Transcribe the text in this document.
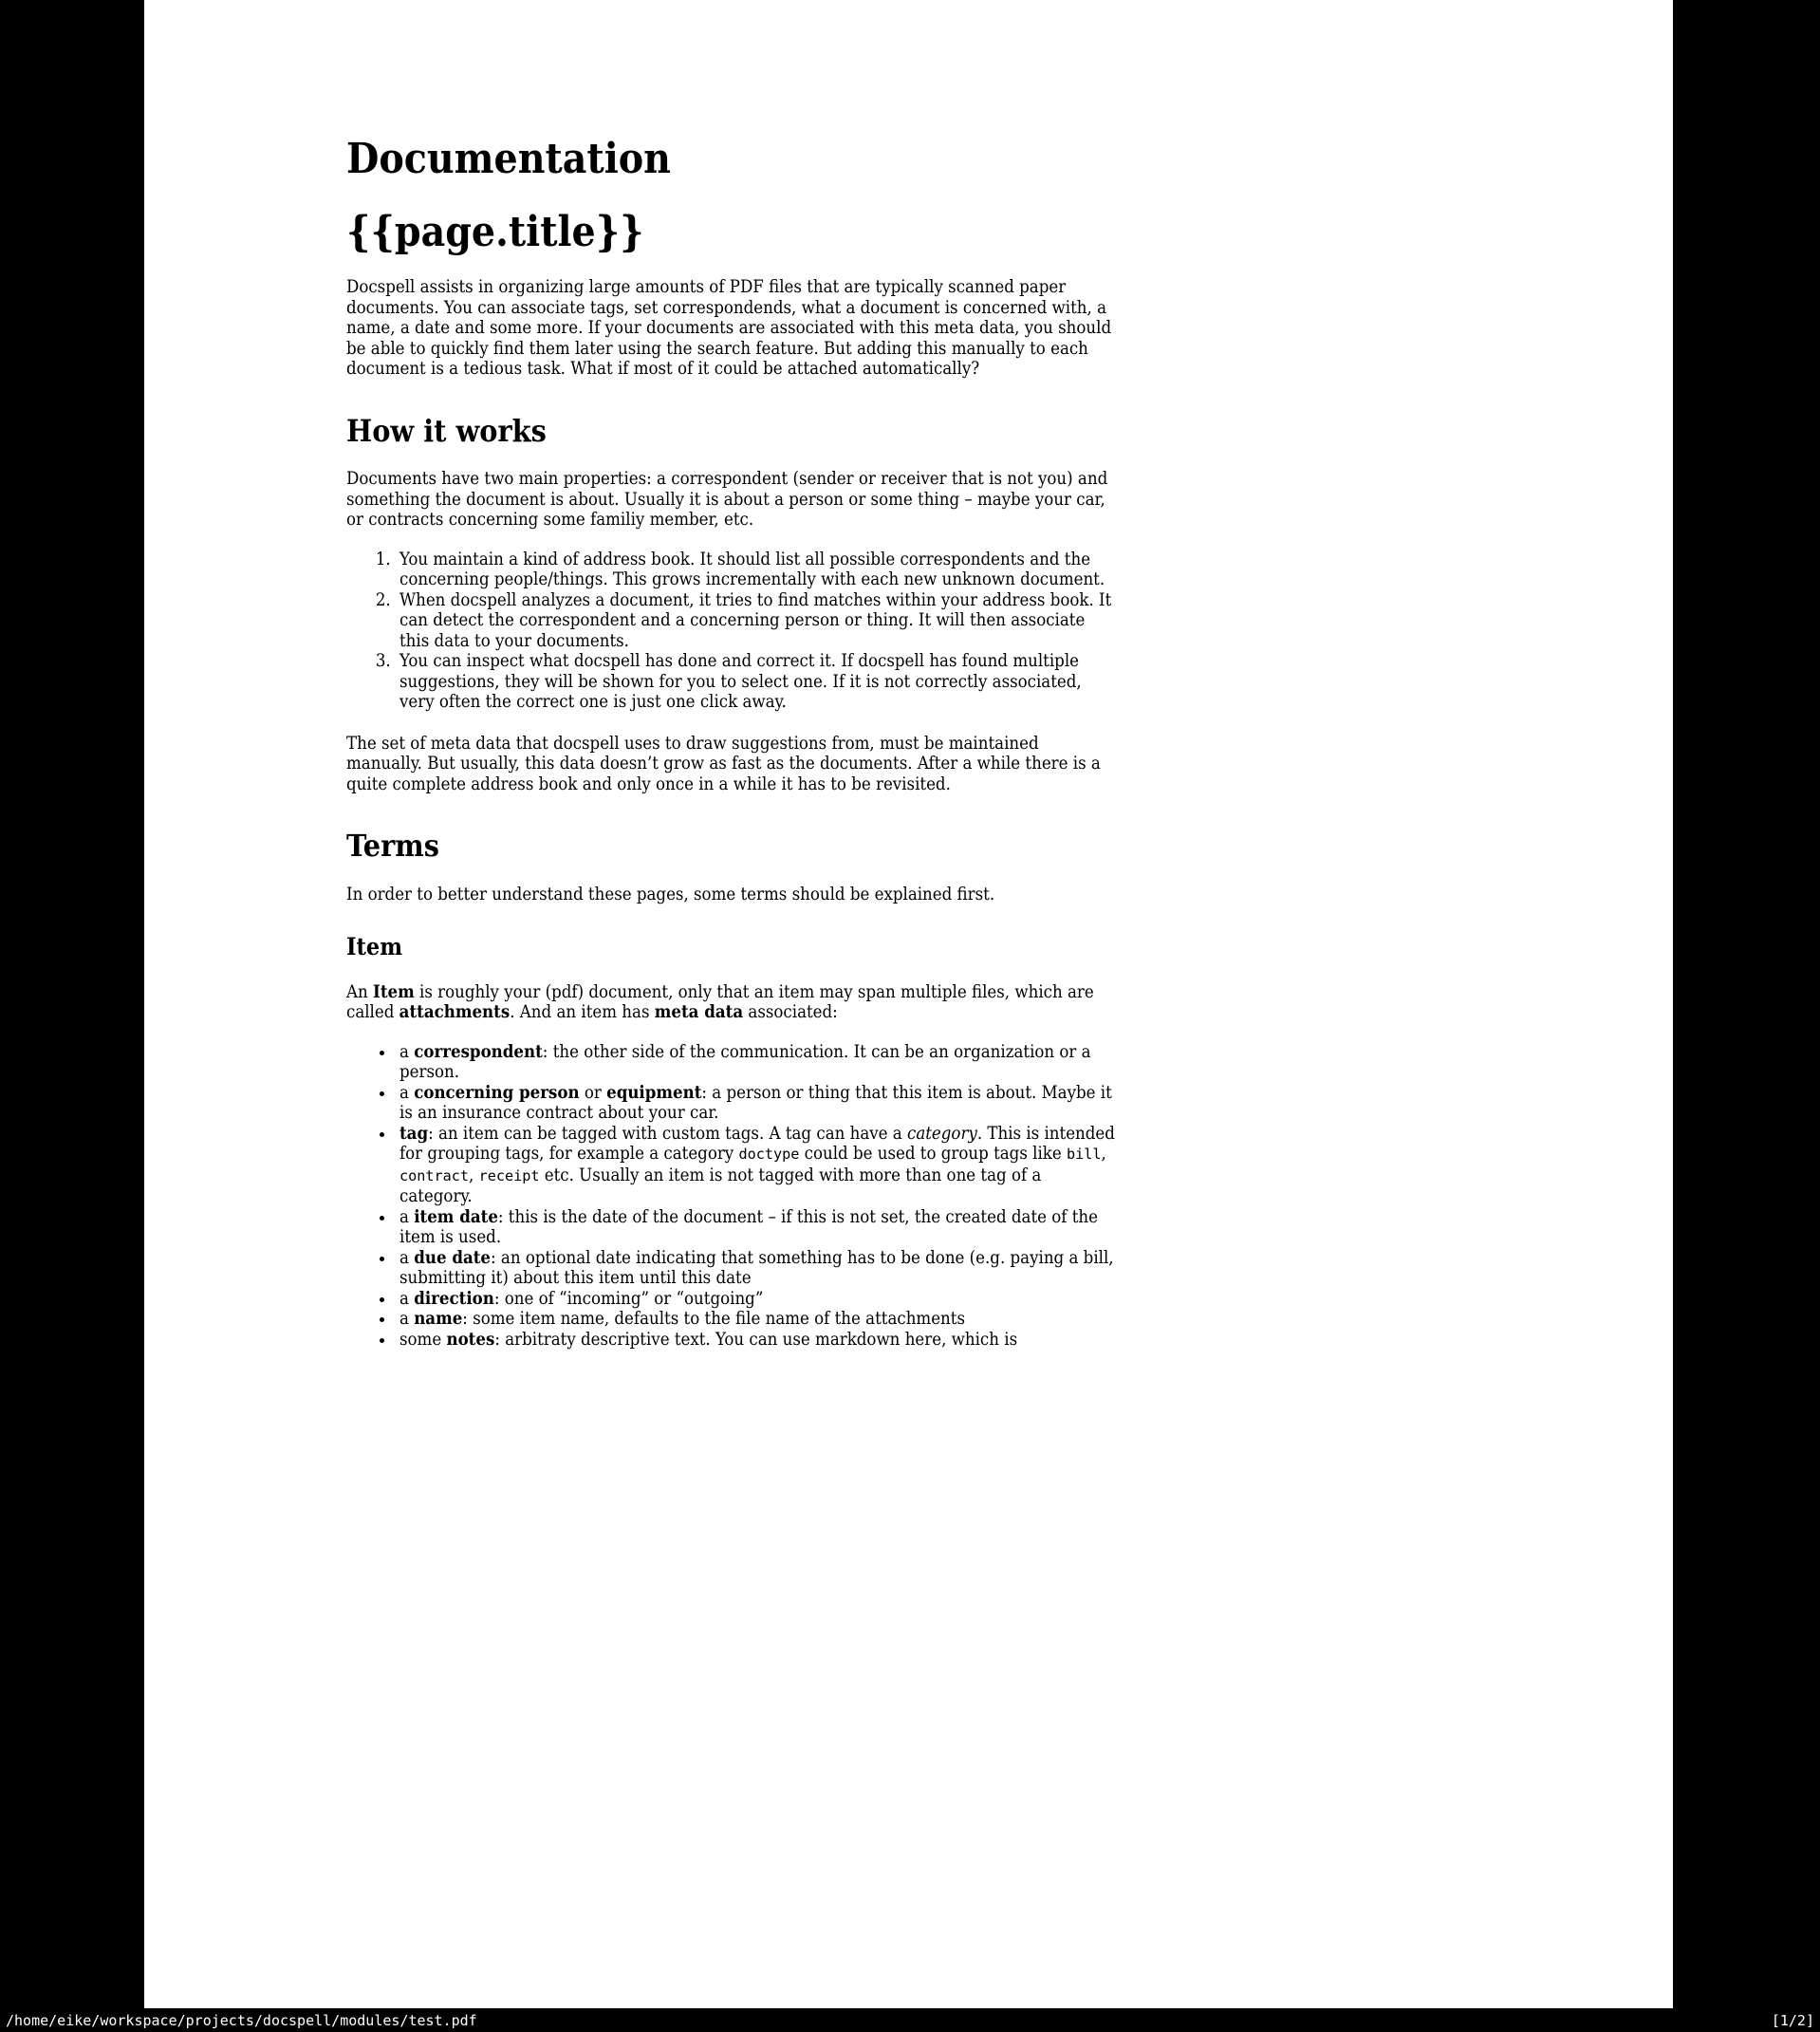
Documentation
{{page.title}}

Docspell assists in organizing large amounts of PDF files that are typically scanned paper documents. You can associate tags, set correspondends, what a document is concerned with, a name, a date and some more. If your documents are associated with this meta data, you should be able to quickly find them later using the search feature. But adding this manually to each document is a tedious task. What if most of it could be attached automatically?

How it works

Documents have two main properties: a correspondent (sender or receiver that is not you) and something the document is about. Usually it is about a person or some thing – maybe your car, or contracts concerning some familiy member, etc.

1. You maintain a kind of address book. It should list all possible correspondents and the concerning people/things. This grows incrementally with each new unknown document.
2. When docspell analyzes a document, it tries to find matches within your address book. It can detect the correspondent and a concerning person or thing. It will then associate this data to your documents.
3. You can inspect what docspell has done and correct it. If docspell has found multiple suggestions, they will be shown for you to select one. If it is not correctly associated, very often the correct one is just one click away.

The set of meta data that docspell uses to draw suggestions from, must be maintained manually. But usually, this data doesn’t grow as fast as the documents. After a while there is a quite complete address book and only once in a while it has to be revisited.

Terms

In order to better understand these pages, some terms should be explained first.

Item

An Item is roughly your (pdf) document, only that an item may span multiple files, which are called attachments. And an item has meta data associated:

• a correspondent: the other side of the communication. It can be an organization or a person.
• a concerning person or equipment: a person or thing that this item is about. Maybe it is an insurance contract about your car.
• tag: an item can be tagged with custom tags. A tag can have a category. This is intended for grouping tags, for example a category doctype could be used to group tags like bill, contract, receipt etc. Usually an item is not tagged with more than one tag of a category.
• a item date: this is the date of the document – if this is not set, the created date of the item is used.
• a due date: an optional date indicating that something has to be done (e.g. paying a bill, submitting it) about this item until this date
• a direction: one of “incoming” or “outgoing”
• a name: some item name, defaults to the file name of the attachments
• some notes: arbitraty descriptive text. You can use markdown here, which is
/home/eike/workspace/projects/docspell/modules/test.pdf	[1/2]
